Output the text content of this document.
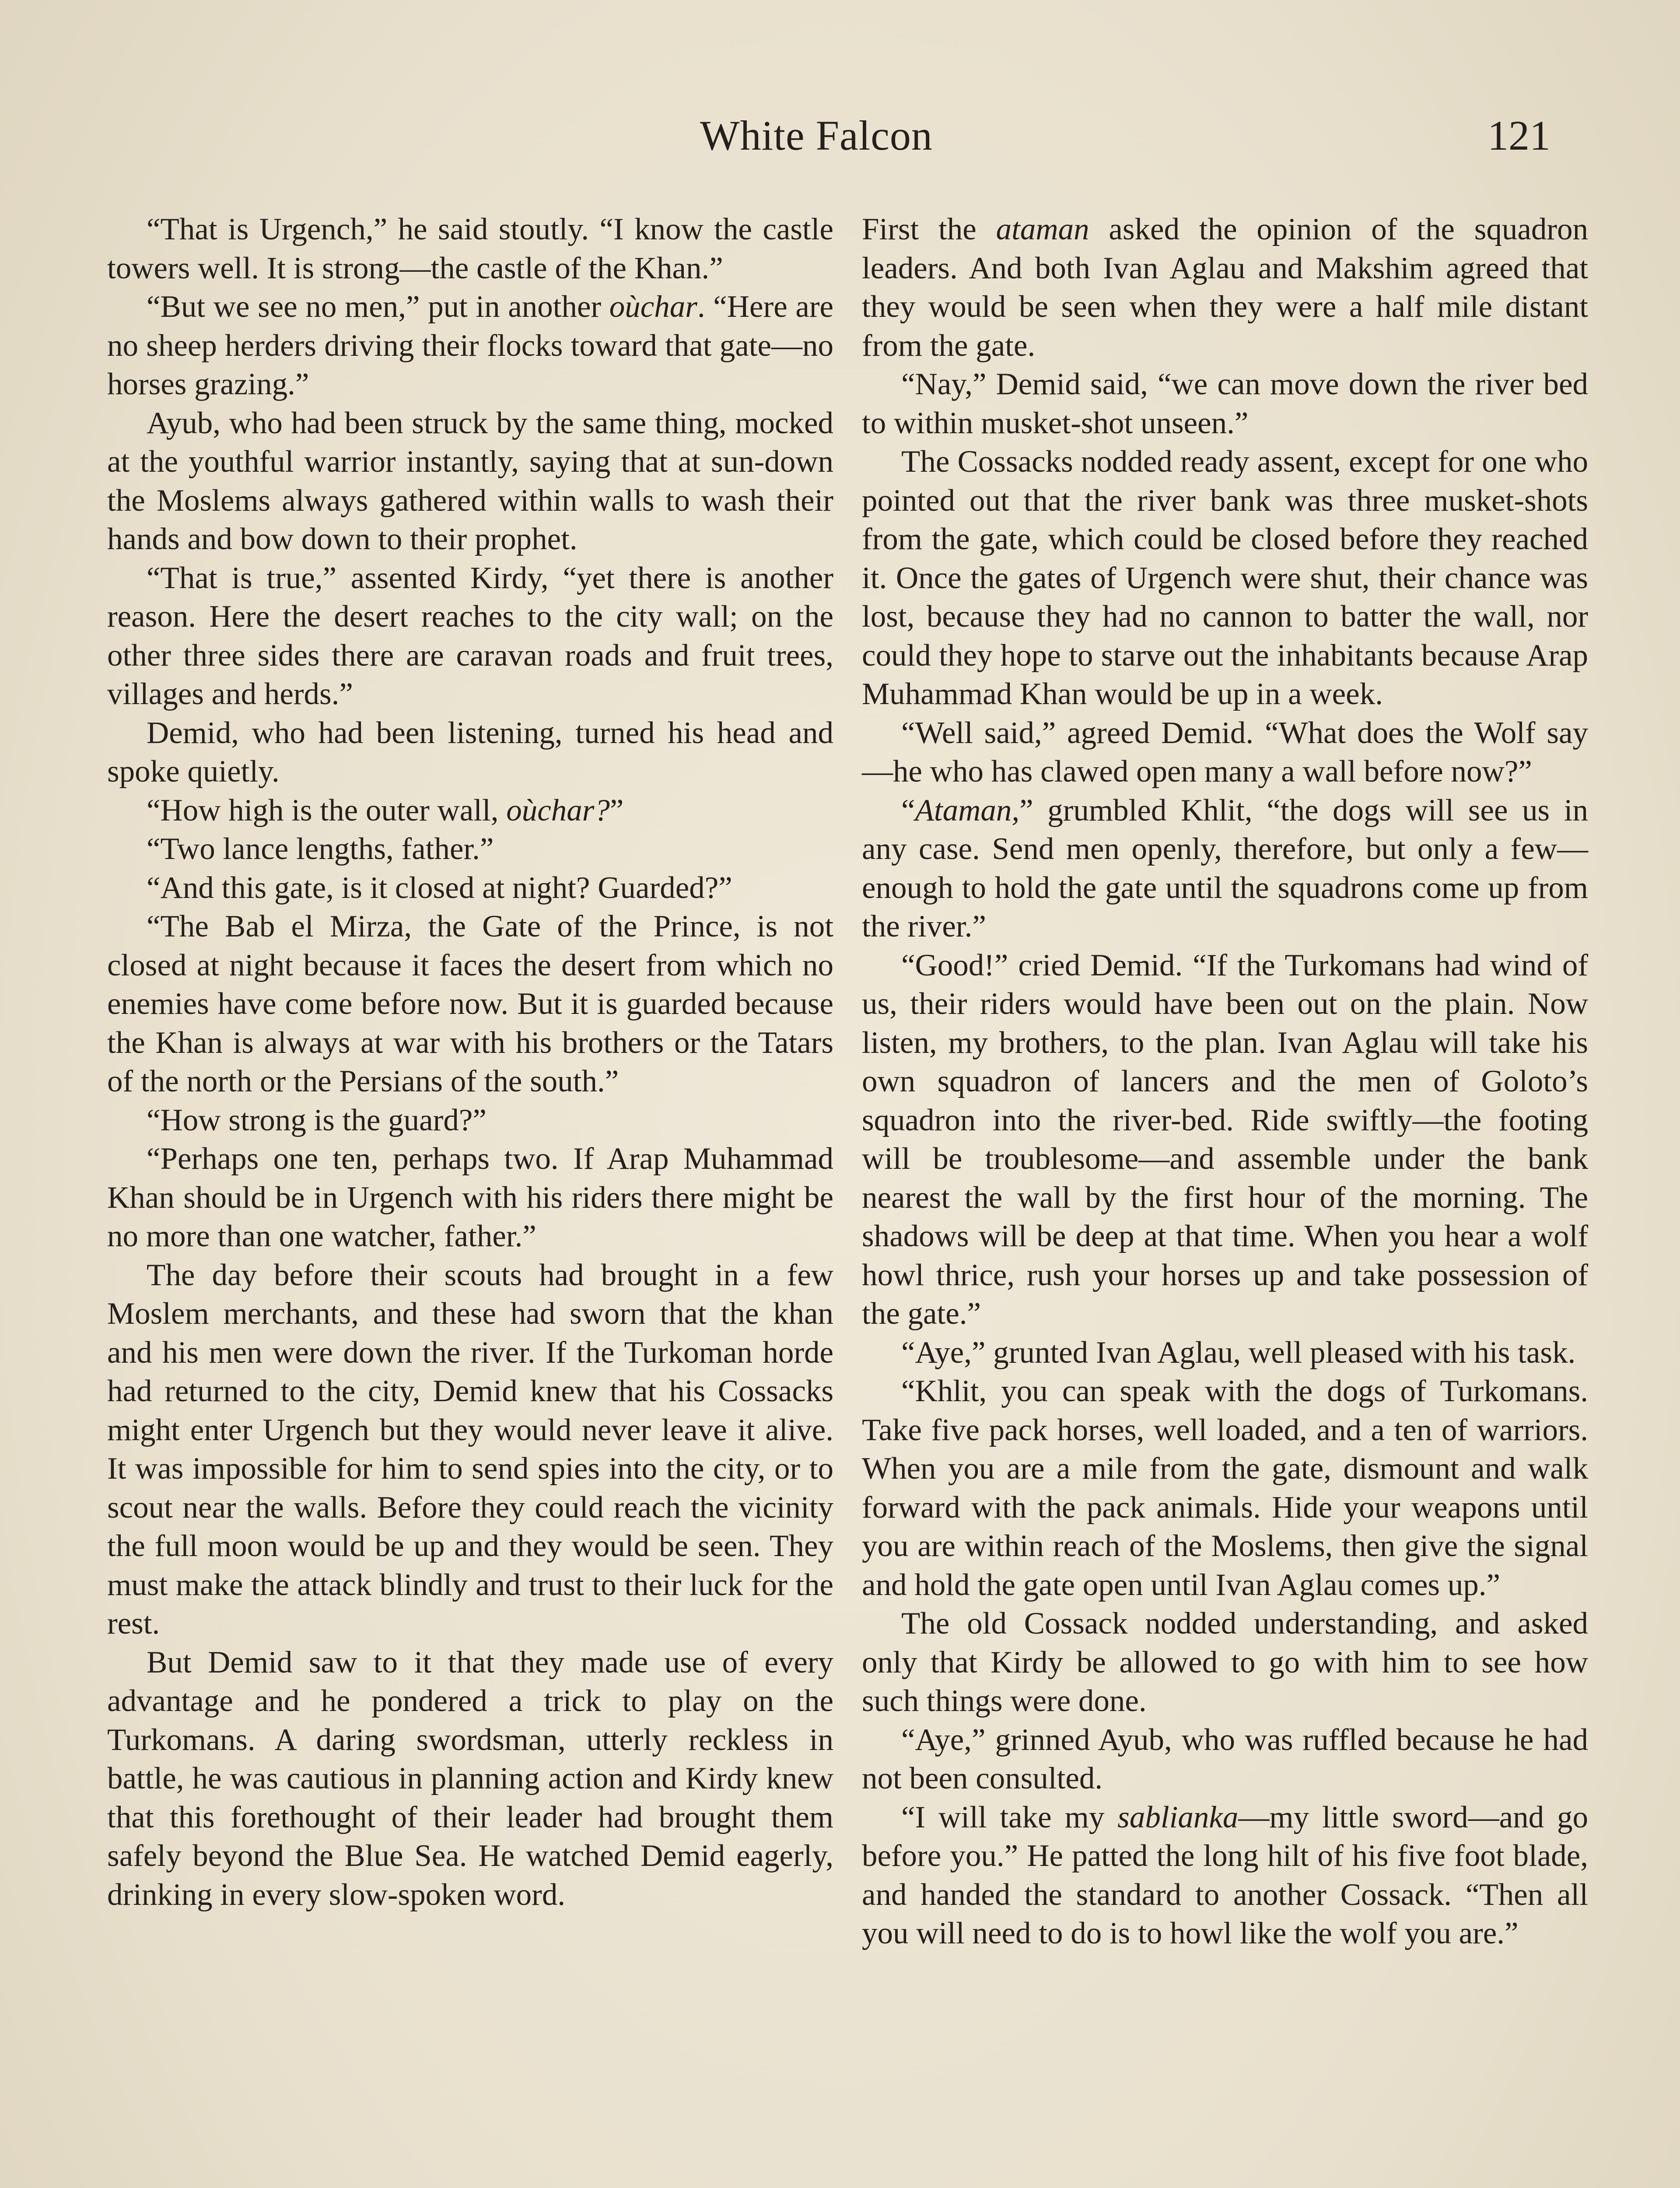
White Falcon	121

“That is Urgench,” he said stoutly. “I know the castle towers well. It is strong—the castle of the Khan.”

“But we see no men,” put in another oùchar. “Here are no sheep herders driving their flocks toward that gate—no horses grazing.”

Ayub, who had been struck by the same thing, mocked at the youthful warrior instantly, saying that at sun-down the Moslems always gathered within walls to wash their hands and bow down to their prophet.

“That is true,” assented Kirdy, “yet there is another reason. Here the desert reaches to the city wall; on the other three sides there are caravan roads and fruit trees, villages and herds.”

Demid, who had been listening, turned his head and spoke quietly.

“How high is the outer wall, oùchar?”

“Two lance lengths, father.”

“And this gate, is it closed at night? Guarded?”

“The Bab el Mirza, the Gate of the Prince, is not closed at night because it faces the desert from which no enemies have come before now. But it is guarded because the Khan is always at war with his brothers or the Tatars of the north or the Persians of the south.”

“How strong is the guard?”

“Perhaps one ten, perhaps two. If Arap Muhammad Khan should be in Urgench with his riders there might be no more than one watcher, father.”

The day before their scouts had brought in a few Moslem merchants, and these had sworn that the khan and his men were down the river. If the Turkoman horde had returned to the city, Demid knew that his Cossacks might enter Urgench but they would never leave it alive. It was impossible for him to send spies into the city, or to scout near the walls. Before they could reach the vicinity the full moon would be up and they would be seen. They must make the attack blindly and trust to their luck for the rest.

But Demid saw to it that they made use of every advantage and he pondered a trick to play on the Turkomans. A daring swordsman, utterly reckless in battle, he was cautious in planning action and Kirdy knew that this forethought of their leader had brought them safely beyond the Blue Sea. He watched Demid eagerly, drinking in every slow-spoken word.

First the ataman asked the opinion of the squadron leaders. And both Ivan Aglau and Makshim agreed that they would be seen when they were a half mile distant from the gate.

“Nay,” Demid said, “we can move down the river bed to within musket-shot unseen.”

The Cossacks nodded ready assent, except for one who pointed out that the river bank was three musket-shots from the gate, which could be closed before they reached it. Once the gates of Urgench were shut, their chance was lost, because they had no cannon to batter the wall, nor could they hope to starve out the inhabitants because Arap Muhammad Khan would be up in a week.

“Well said,” agreed Demid. “What does the Wolf say—he who has clawed open many a wall before now?”

“Ataman,” grumbled Khlit, “the dogs will see us in any case. Send men openly, therefore, but only a few—enough to hold the gate until the squadrons come up from the river.”

“Good!” cried Demid. “If the Turkomans had wind of us, their riders would have been out on the plain. Now listen, my brothers, to the plan. Ivan Aglau will take his own squadron of lancers and the men of Goloto’s squadron into the river-bed. Ride swiftly—the footing will be troublesome—and assemble under the bank nearest the wall by the first hour of the morning. The shadows will be deep at that time. When you hear a wolf howl thrice, rush your horses up and take possession of the gate.”

“Aye,” grunted Ivan Aglau, well pleased with his task.

“Khlit, you can speak with the dogs of Turkomans. Take five pack horses, well loaded, and a ten of warriors. When you are a mile from the gate, dismount and walk forward with the pack animals. Hide your weapons until you are within reach of the Moslems, then give the signal and hold the gate open until Ivan Aglau comes up.”

The old Cossack nodded understanding, and asked only that Kirdy be allowed to go with him to see how such things were done.

“Aye,” grinned Ayub, who was ruffled because he had not been consulted.

“I will take my sablianka—my little sword—and go before you.” He patted the long hilt of his five foot blade, and handed the standard to another Cossack. “Then all you will need to do is to howl like the wolf you are.”
